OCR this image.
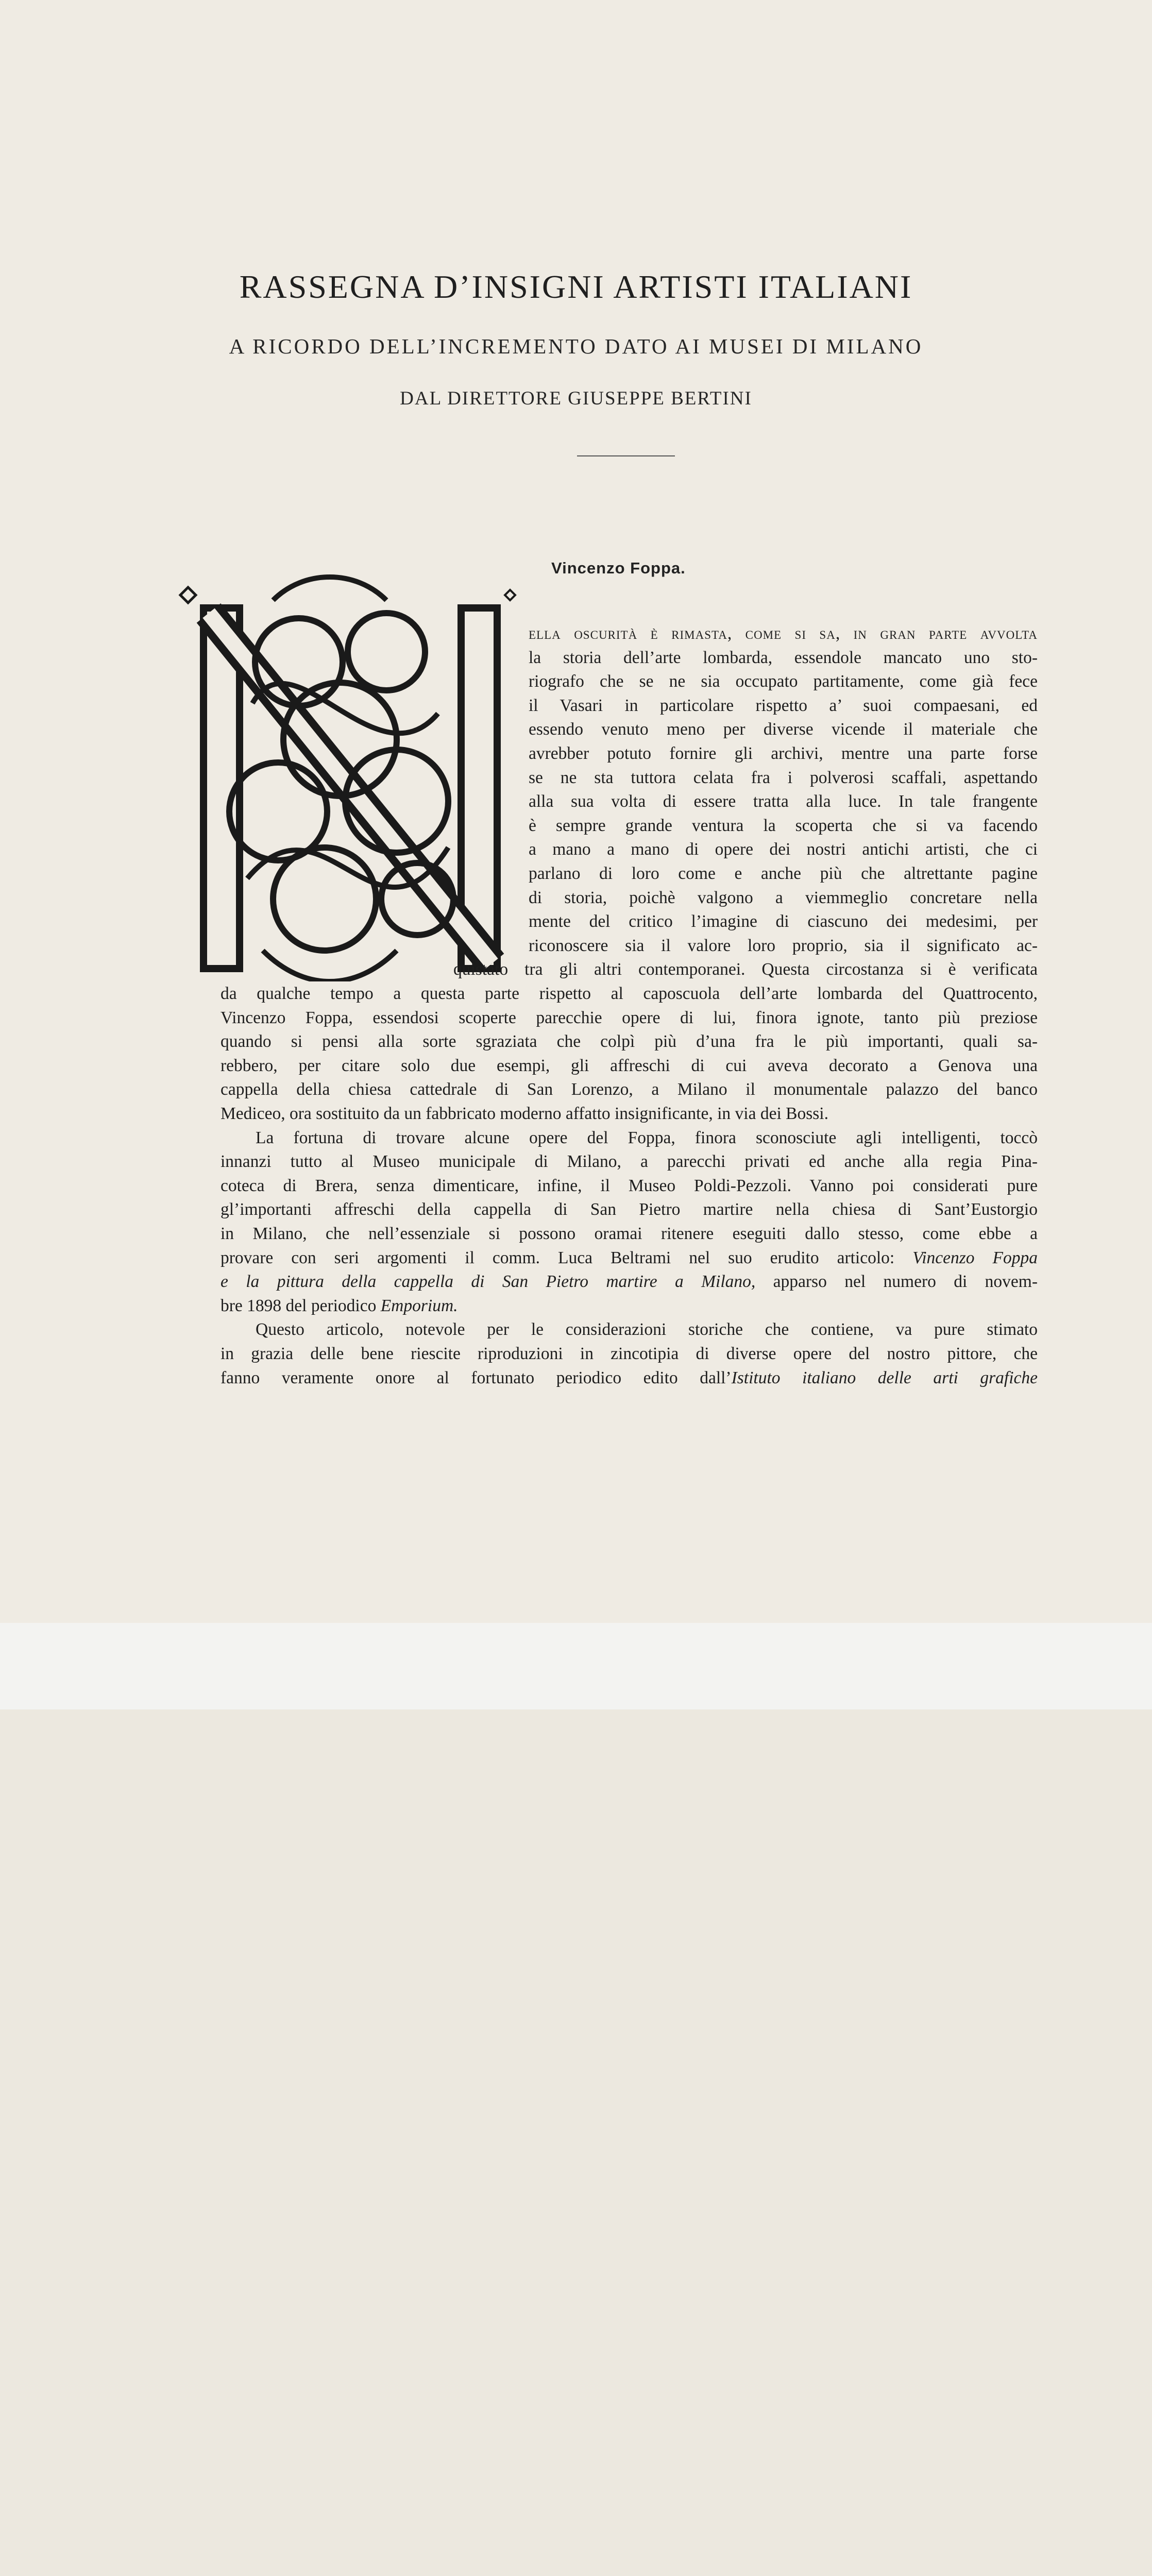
RASSEGNA D’INSIGNI ARTISTI ITALIANI
A RICORDO DELL’INCREMENTO DATO AI MUSEI DI MILANO
DAL DIRETTORE GIUSEPPE BERTINI
Vincenzo Foppa.
ella oscurità è rimasta, come si sa, in gran parte avvolta
la storia dell’arte lombarda, essendole mancato uno sto-
riografo che se ne sia occupato partitamente, come già fece
il Vasari in particolare rispetto a’ suoi compaesani, ed
essendo venuto meno per diverse vicende il materiale che
avrebber potuto fornire gli archivi, mentre una parte forse
se ne sta tuttora celata fra i polverosi scaffali, aspettando
alla sua volta di essere tratta alla luce. In tale frangente
è sempre grande ventura la scoperta che si va facendo
a mano a mano di opere dei nostri antichi artisti, che ci
parlano di loro come e anche più che altrettante pagine
di storia, poichè valgono a viemmeglio concretare nella
mente del critico l’imagine di ciascuno dei medesimi, per
riconoscere sia il valore loro proprio, sia il significato ac-
quistato tra gli altri contemporanei. Questa circostanza si è verificata
da qualche tempo a questa parte rispetto al caposcuola dell’arte lombarda del Quattrocento,
Vincenzo Foppa, essendosi scoperte parecchie opere di lui, finora ignote, tanto più preziose
quando si pensi alla sorte sgraziata che colpì più d’una fra le più importanti, quali sa-
rebbero, per citare solo due esempi, gli affreschi di cui aveva decorato a Genova una
cappella della chiesa cattedrale di San Lorenzo, a Milano il monumentale palazzo del banco
Mediceo, ora sostituito da un fabbricato moderno affatto insignificante, in via dei Bossi.
La fortuna di trovare alcune opere del Foppa, finora sconosciute agli intelligenti, toccò
innanzi tutto al Museo municipale di Milano, a parecchi privati ed anche alla regia Pina-
coteca di Brera, senza dimenticare, infine, il Museo Poldi-Pezzoli. Vanno poi considerati pure
gl’importanti affreschi della cappella di San Pietro martire nella chiesa di Sant’Eustorgio
in Milano, che nell’essenziale si possono oramai ritenere eseguiti dallo stesso, come ebbe a
provare con seri argomenti il comm. Luca Beltrami nel suo erudito articolo: Vincenzo Foppa
e la pittura della cappella di San Pietro martire a Milano, apparso nel numero di novem-
bre 1898 del periodico Emporium.
Questo articolo, notevole per le considerazioni storiche che contiene, va pure stimato
in grazia delle bene riescite riproduzioni in zincotipia di diverse opere del nostro pittore, che
fanno veramente onore al fortunato periodico edito dall’Istituto italiano delle arti grafiche
